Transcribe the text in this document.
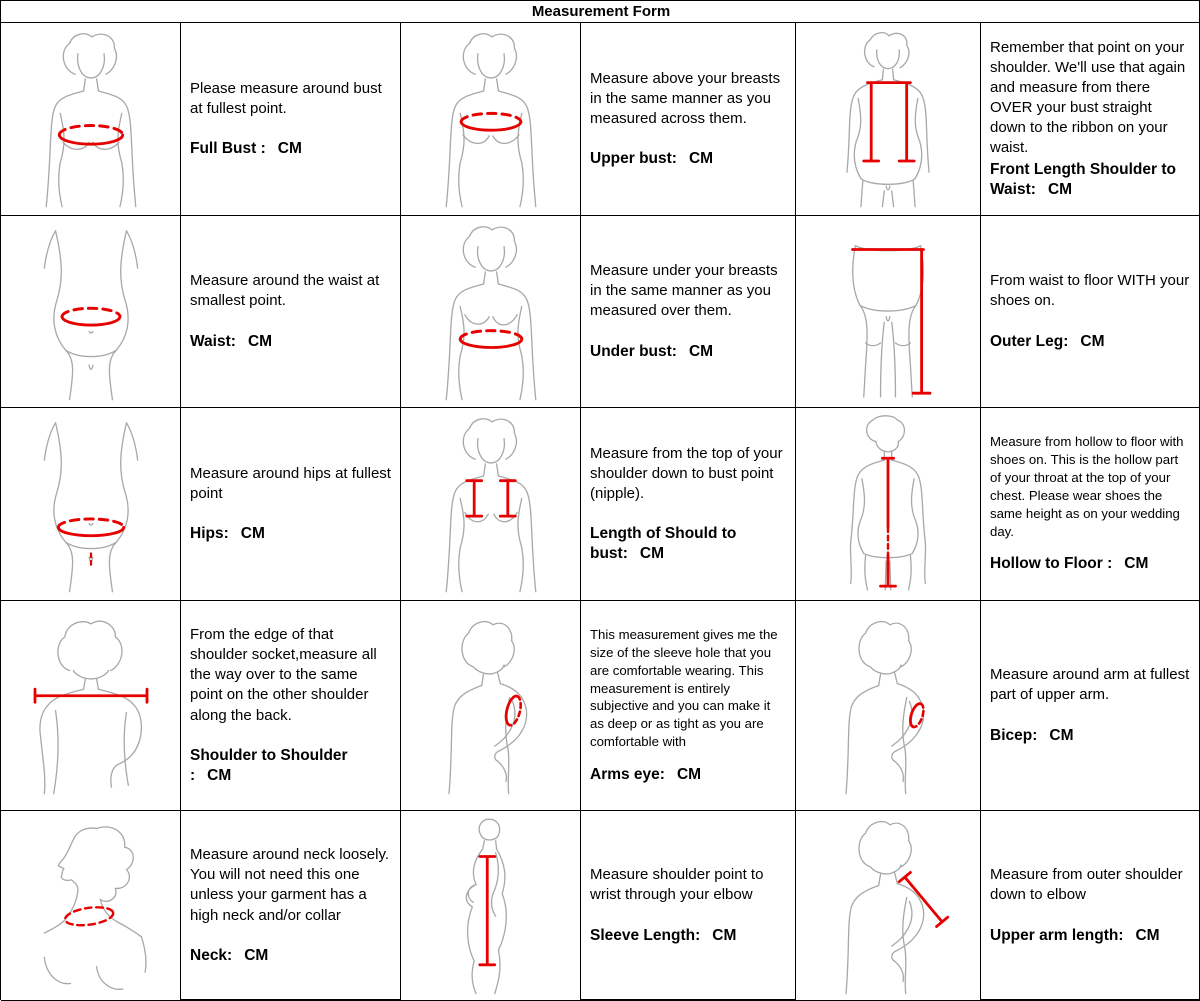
Measurement Form

Please measure around bust at fullest point.

Full Bust : CM

Measure above your breasts in the same manner as you measured across them.

Upper bust: CM

Remember that point on your shoulder. We'll use that again and measure from there OVER your bust straight down to the ribbon on your waist.

Front Length Shoulder to Waist: CM

Measure around the waist at smallest point.

Waist: CM

Measure under your breasts in the same manner as you measured over them.

Under bust: CM

From waist to floor WITH your shoes on.

Outer Leg: CM

Measure around hips at fullest point

Hips: CM

Measure from the top of your shoulder down to bust point (nipple).

Length of Should to bust: CM

Measure from hollow to floor with shoes on. This is the hollow part of your throat at the top of your chest. Please wear shoes the same height as on your wedding day.

Hollow to Floor : CM

From the edge of that shoulder socket,measure all the way over to the same point on the other shoulder along the back.

Shoulder to Shoulder : CM

This measurement gives me the size of the sleeve hole that you are comfortable wearing. This measurement is entirely subjective and you can make it as deep or as tight as you are comfortable with

Arms eye: CM

Measure around arm at fullest part of upper arm.

Bicep: CM

Measure around neck loosely. You will not need this one unless your garment has a high neck and/or collar

Neck: CM

Measure shoulder point to wrist through your elbow

Sleeve Length: CM

Measure from outer shoulder down to elbow

Upper arm length: CM
